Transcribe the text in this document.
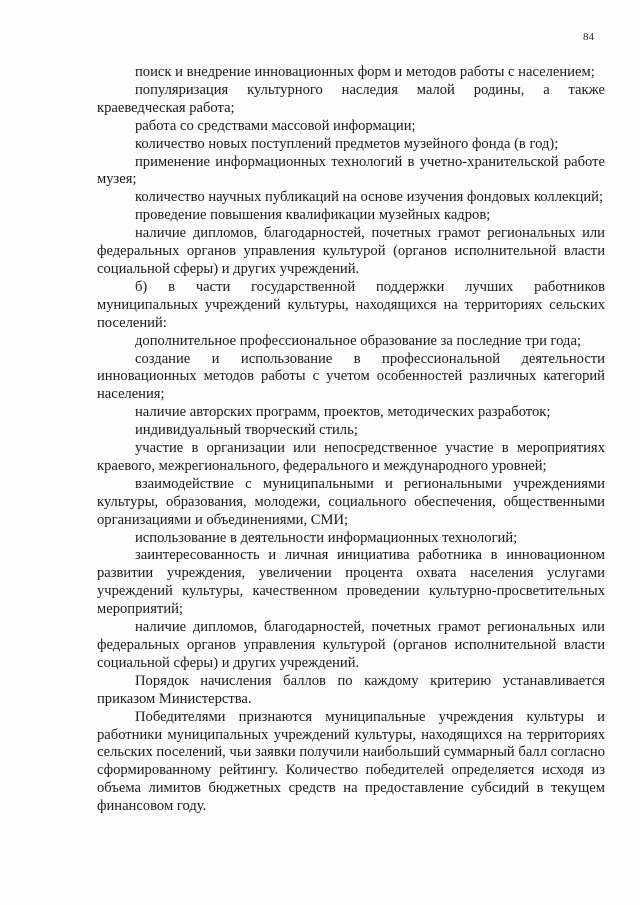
84

поиск и внедрение инновационных форм и методов работы с населением;

популяризация культурного наследия малой родины, а также краеведческая работа;

работа со средствами массовой информации;

количество новых поступлений предметов музейного фонда (в год);

применение информационных технологий в учетно-хранительской работе музея;

количество научных публикаций на основе изучения фондовых коллекций;

проведение повышения квалификации музейных кадров;

наличие дипломов, благодарностей, почетных грамот региональных или федеральных органов управления культурой (органов исполнительной власти социальной сферы) и других учреждений.

б) в части государственной поддержки лучших работников муниципальных учреждений культуры, находящихся на территориях сельских поселений:

дополнительное профессиональное образование за последние три года;

создание и использование в профессиональной деятельности инновационных методов работы с учетом особенностей различных категорий населения;

наличие авторских программ, проектов, методических разработок;

индивидуальный творческий стиль;

участие в организации или непосредственное участие в мероприятиях краевого, межрегионального, федерального и международного уровней;

взаимодействие с муниципальными и региональными учреждениями культуры, образования, молодежи, социального обеспечения, общественными организациями и объединениями, СМИ;

использование в деятельности информационных технологий;

заинтересованность и личная инициатива работника в инновационном развитии учреждения, увеличении процента охвата населения услугами учреждений культуры, качественном проведении культурно-просветительных мероприятий;

наличие дипломов, благодарностей, почетных грамот региональных или федеральных органов управления культурой (органов исполнительной власти социальной сферы) и других учреждений.

Порядок начисления баллов по каждому критерию устанавливается приказом Министерства.

Победителями признаются муниципальные учреждения культуры и работники муниципальных учреждений культуры, находящихся на территориях сельских поселений, чьи заявки получили наибольший суммарный балл согласно сформированному рейтингу. Количество победителей определяется исходя из объема лимитов бюджетных средств на предоставление субсидий в текущем финансовом году.
